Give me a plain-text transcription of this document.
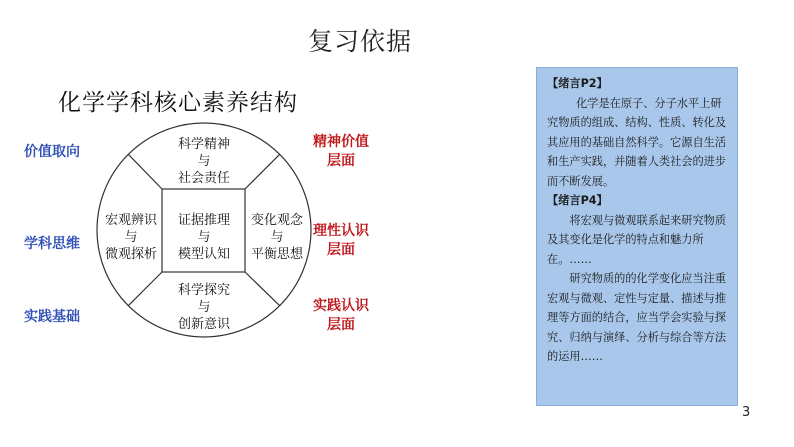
复习依据
化学学科核心素养结构
价值取向
学科思维
实践基础
精神价值
层面
理性认识
层面
实践认识
层面
科学精神
与
社会责任
宏观辨识
与
微观探析
证据推理
与
模型认知
变化观念
与
平衡思想
科学探究
与
创新意识

【绪言P2】

化学是在原子、分子水平上研究物质的组成、结构、性质、转化及其应用的基础自然科学。它源自生活和生产实践，并随着人类社会的进步而不断发展。

【绪言P4】

将宏观与微观联系起来研究物质及其变化是化学的特点和魅力所在。……

研究物质的的化学变化应当注重宏观与微观、定性与定量、描述与推理等方面的结合，应当学会实验与探究、归纳与演绎、分析与综合等方法的运用……

3
